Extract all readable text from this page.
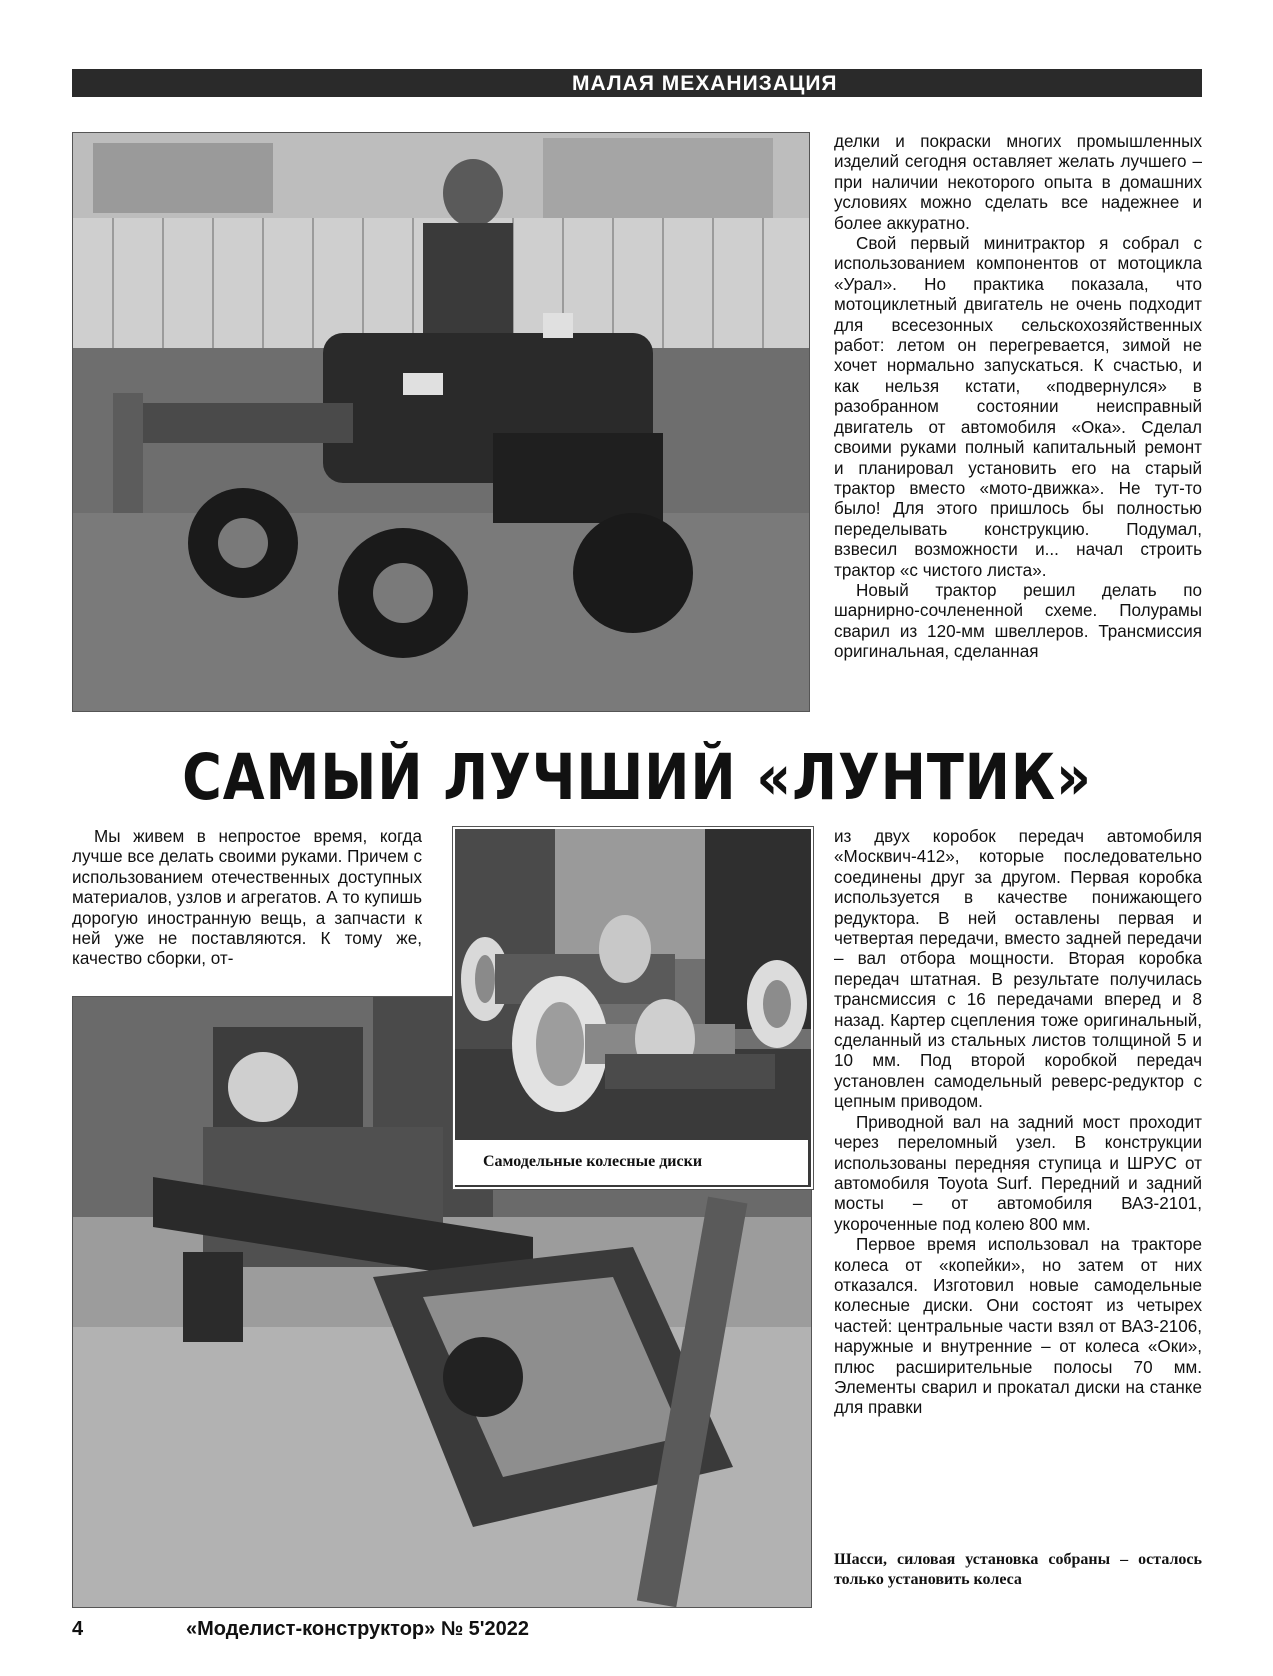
МАЛАЯ МЕХАНИЗАЦИЯ

делки и покраски многих промышленных изделий сегодня оставляет желать лучшего – при наличии некоторого опыта в домашних условиях можно сделать все надежнее и более аккуратно.

Свой первый минитрактор я собрал с использованием компонентов от мотоцикла «Урал». Но практика показала, что мотоциклетный двигатель не очень подходит для всесезонных сельскохозяйственных работ: летом он перегревается, зимой не хочет нормально запускаться. К счастью, и как нельзя кстати, «подвернулся» в разобранном состоянии неисправный двигатель от автомобиля «Ока». Сделал своими руками полный капитальный ремонт и планировал установить его на старый трактор вместо «мото-движка». Не тут-то было! Для этого пришлось бы полностью переделывать конструкцию. Подумал, взвесил возможности и... начал строить трактор «с чистого листа».

Новый трактор решил делать по шарнирно-сочлененной схеме. Полурамы сварил из 120-мм швеллеров. Трансмиссия оригинальная, сделанная

САМЫЙ ЛУЧШИЙ «ЛУНТИК»

Мы живем в непростое время, когда лучше все делать своими руками. Причем с использованием отечественных доступных материалов, узлов и агрегатов. А то купишь дорогую иностранную вещь, а запчасти к ней уже не поставляются. К тому же, качество сборки, от-

Самодельные колесные диски

из двух коробок передач автомобиля «Москвич-412», которые последовательно соединены друг за другом. Первая коробка используется в качестве понижающего редуктора. В ней оставлены первая и четвертая передачи, вместо задней передачи – вал отбора мощности. Вторая коробка передач штатная. В результате получилась трансмиссия с 16 передачами вперед и 8 назад. Картер сцепления тоже оригинальный, сделанный из стальных листов толщиной 5 и 10 мм. Под второй коробкой передач установлен самодельный реверс-редуктор с цепным приводом.

Приводной вал на задний мост проходит через переломный узел. В конструкции использованы передняя ступица и ШРУС от автомобиля Toyota Surf. Передний и задний мосты – от автомобиля ВАЗ-2101, укороченные под колею 800 мм.

Первое время использовал на тракторе колеса от «копейки», но затем от них отказался. Изготовил новые самодельные колесные диски. Они состоят из четырех частей: центральные части взял от ВАЗ-2106, наружные и внутренние – от колеса «Оки», плюс расширительные полосы 70 мм. Элементы сварил и прокатал диски на станке для правки

Шасси, силовая установка собраны – осталось только установить колеса
4	«Моделист-конструктор» № 5'2022
